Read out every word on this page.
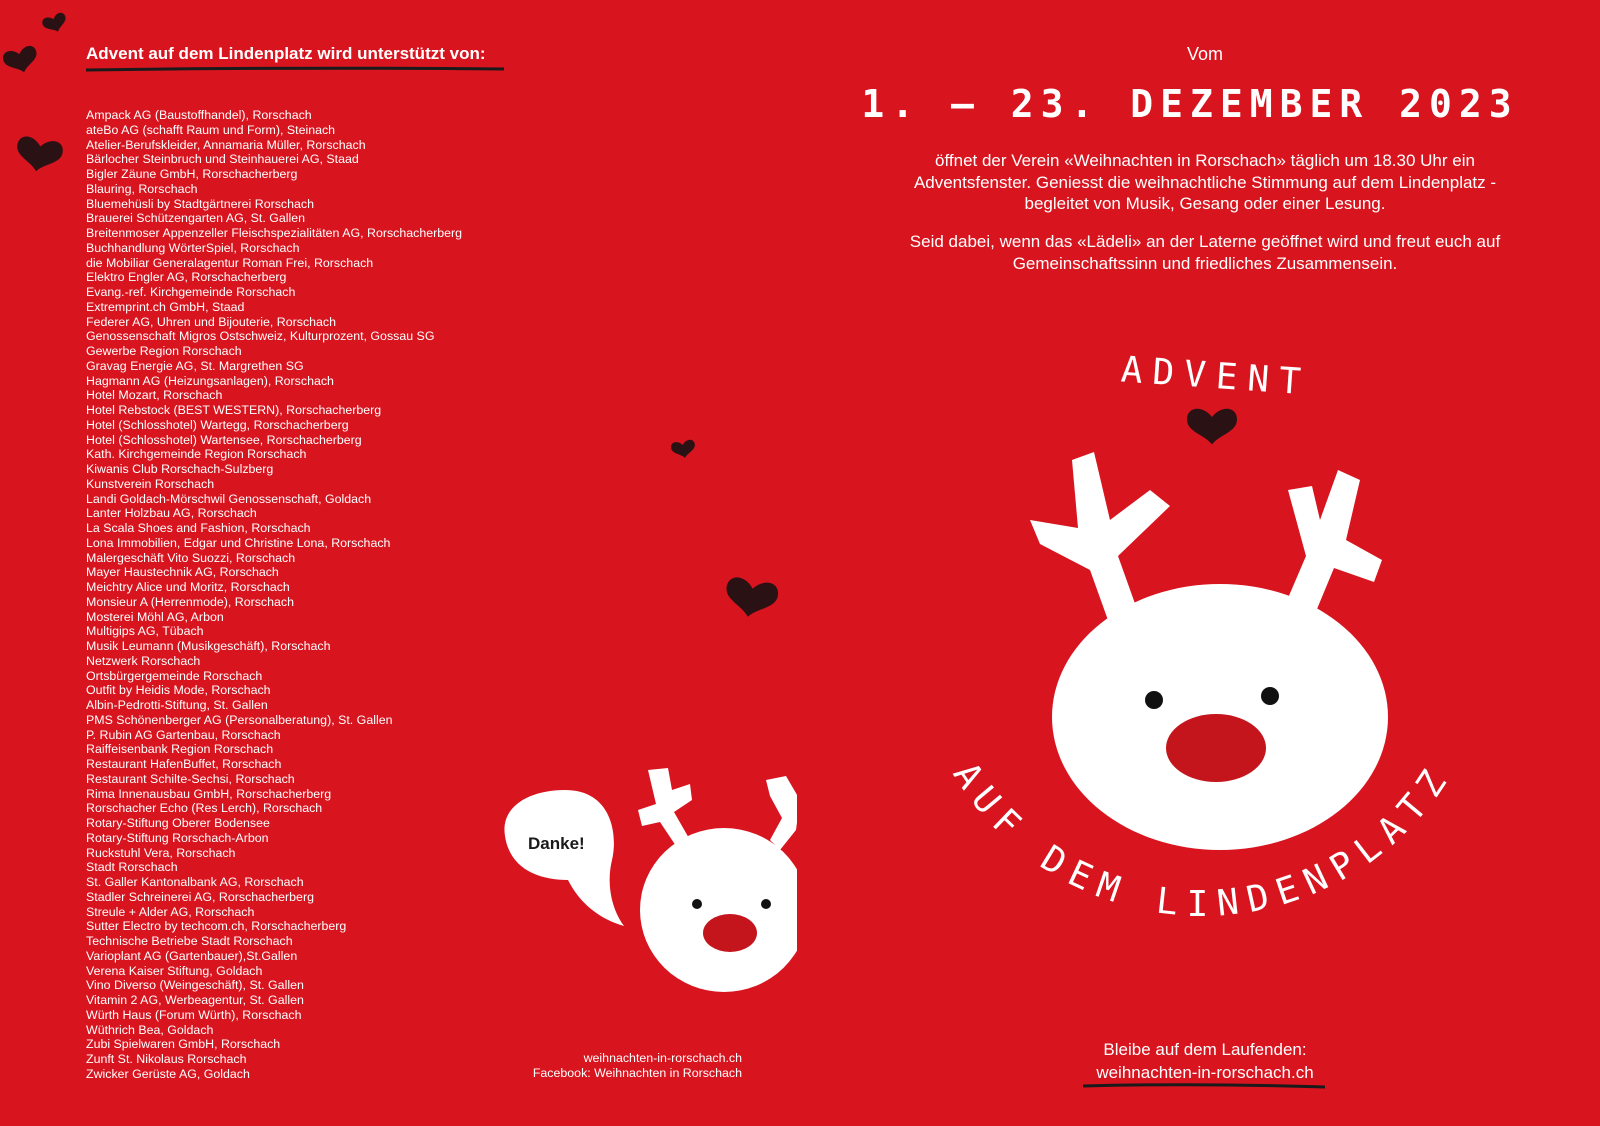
ADVENT
AUF DEM LINDENPLATZ
Advent auf dem Lindenplatz wird unterstützt von:
Ampack AG (Baustoffhandel), Rorschach
ateBo AG (schafft Raum und Form), Steinach
Atelier-Berufskleider, Annamaria Müller, Rorschach
Bärlocher Steinbruch und Steinhauerei AG, Staad
Bigler Zäune GmbH, Rorschacherberg
Blauring, Rorschach
Bluemehüsli by Stadtgärtnerei Rorschach
Brauerei Schützengarten AG, St. Gallen
Breitenmoser Appenzeller Fleischspezialitäten AG, Rorschacherberg
Buchhandlung WörterSpiel, Rorschach
die Mobiliar Generalagentur Roman Frei, Rorschach
Elektro Engler AG, Rorschacherberg
Evang.-ref. Kirchgemeinde Rorschach
Extremprint.ch GmbH, Staad
Federer AG, Uhren und Bijouterie, Rorschach
Genossenschaft Migros Ostschweiz, Kulturprozent, Gossau SG
Gewerbe Region Rorschach
Gravag Energie AG, St. Margrethen SG
Hagmann AG (Heizungsanlagen), Rorschach
Hotel Mozart, Rorschach
Hotel Rebstock (BEST WESTERN), Rorschacherberg
Hotel (Schlosshotel) Wartegg, Rorschacherberg
Hotel (Schlosshotel) Wartensee, Rorschacherberg
Kath. Kirchgemeinde Region Rorschach
Kiwanis Club Rorschach-Sulzberg
Kunstverein Rorschach
Landi Goldach-Mörschwil Genossenschaft, Goldach
Lanter Holzbau AG, Rorschach
La Scala Shoes and Fashion, Rorschach
Lona Immobilien, Edgar und Christine Lona, Rorschach
Malergeschäft Vito Suozzi, Rorschach
Mayer Haustechnik AG, Rorschach
Meichtry Alice und Moritz, Rorschach
Monsieur A (Herrenmode), Rorschach
Mosterei Möhl AG, Arbon
Multigips AG, Tübach
Musik Leumann (Musikgeschäft), Rorschach
Netzwerk Rorschach
Ortsbürgergemeinde Rorschach
Outfit by Heidis Mode, Rorschach
Albin-Pedrotti-Stiftung, St. Gallen
PMS Schönenberger AG (Personalberatung), St. Gallen
P. Rubin AG Gartenbau, Rorschach
Raiffeisenbank Region Rorschach
Restaurant HafenBuffet, Rorschach
Restaurant Schilte-Sechsi, Rorschach
Rima Innenausbau GmbH, Rorschacherberg
Rorschacher Echo (Res Lerch), Rorschach
Rotary-Stiftung Oberer Bodensee
Rotary-Stiftung Rorschach-Arbon
Ruckstuhl Vera, Rorschach
Stadt Rorschach
St. Galler Kantonalbank AG, Rorschach
Stadler Schreinerei AG, Rorschacherberg
Streule + Alder AG, Rorschach
Sutter Electro by techcom.ch, Rorschacherberg
Technische Betriebe Stadt Rorschach
Varioplant AG (Gartenbauer),St.Gallen
Verena Kaiser Stiftung, Goldach
Vino Diverso (Weingeschäft), St. Gallen
Vitamin 2 AG, Werbeagentur, St. Gallen
Würth Haus (Forum Würth), Rorschach
Wüthrich Bea, Goldach
Zubi Spielwaren GmbH, Rorschach
Zunft St. Nikolaus Rorschach
Zwicker Gerüste AG, Goldach
Danke!
weihnachten-in-rorschach.ch
Facebook: Weihnachten in Rorschach
Vom
1. – 23. DEZEMBER 2023

öffnet der Verein «Weihnachten in Rorschach» täglich um 18.30 Uhr ein Adventsfenster. Geniesst die weihnachtliche Stimmung auf dem Lindenplatz - begleitet von Musik, Gesang oder einer Lesung.

Seid dabei, wenn das «Lädeli» an der Laterne geöffnet wird und freut euch auf Gemeinschaftssinn und friedliches Zusammensein.

Bleibe auf dem Laufenden:
weihnachten-in-rorschach.ch
